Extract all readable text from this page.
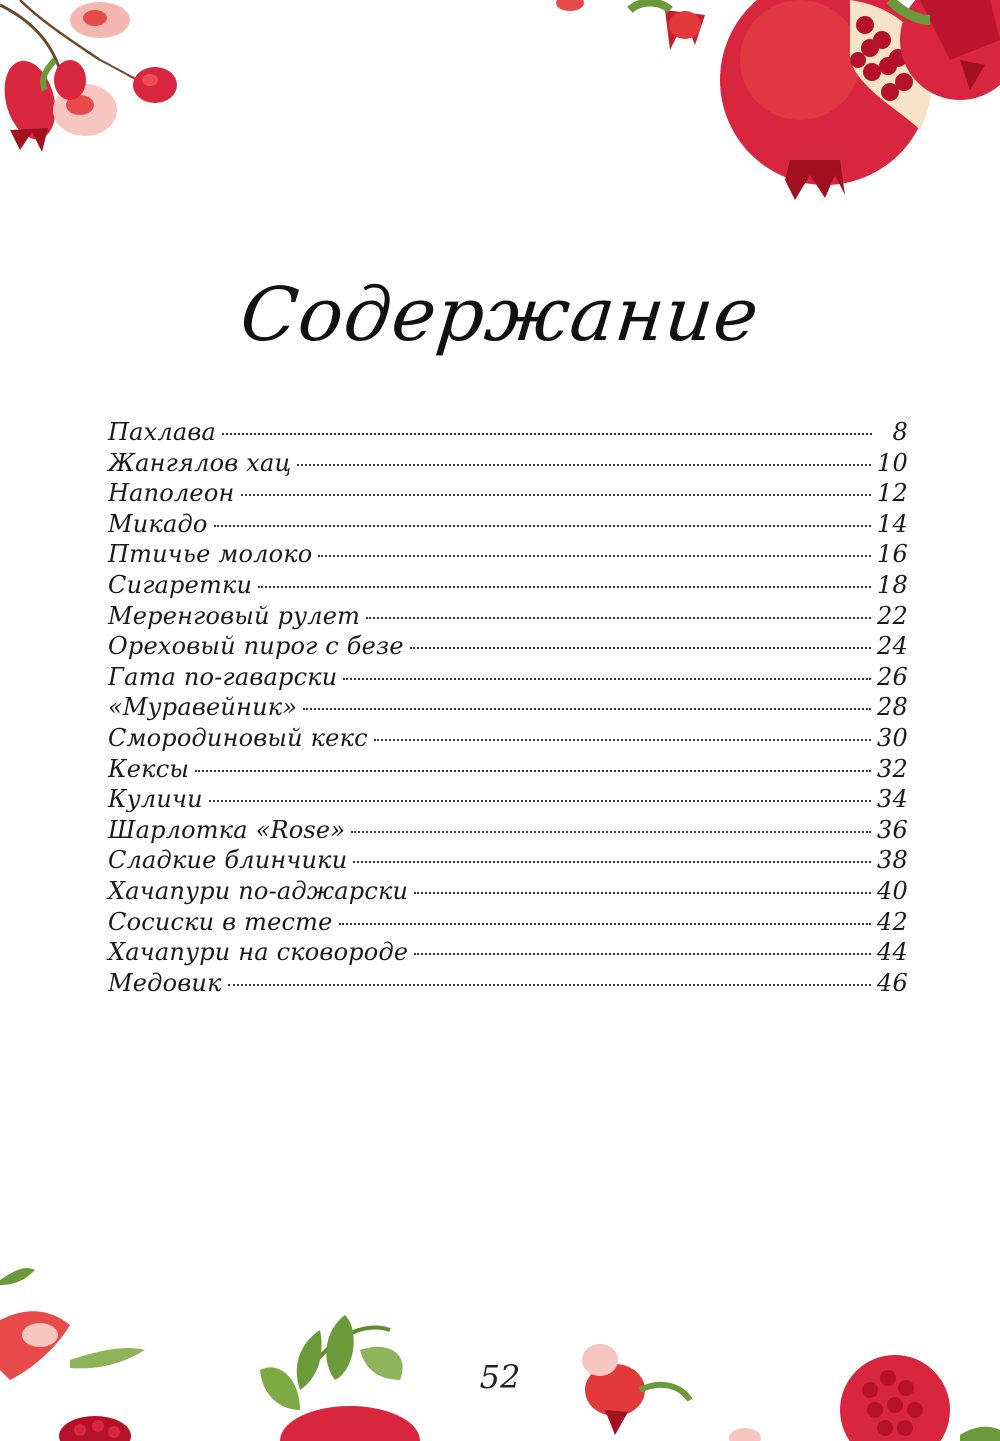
Содержание
Пахлава	8
Жангялов хац	10
Наполеон	12
Микадо	14
Птичье молоко	16
Сигаретки	18
Меренговый рулет	22
Ореховый пирог с безе	24
Гата по-гаварски	26
«Муравейник»	28
Смородиновый кекс	30
Кексы	32
Куличи	34
Шарлотка «Rose»	36
Сладкие блинчики	38
Хачапури по-аджарски	40
Сосиски в тесте	42
Хачапури на сковороде	44
Медовик	46
52
